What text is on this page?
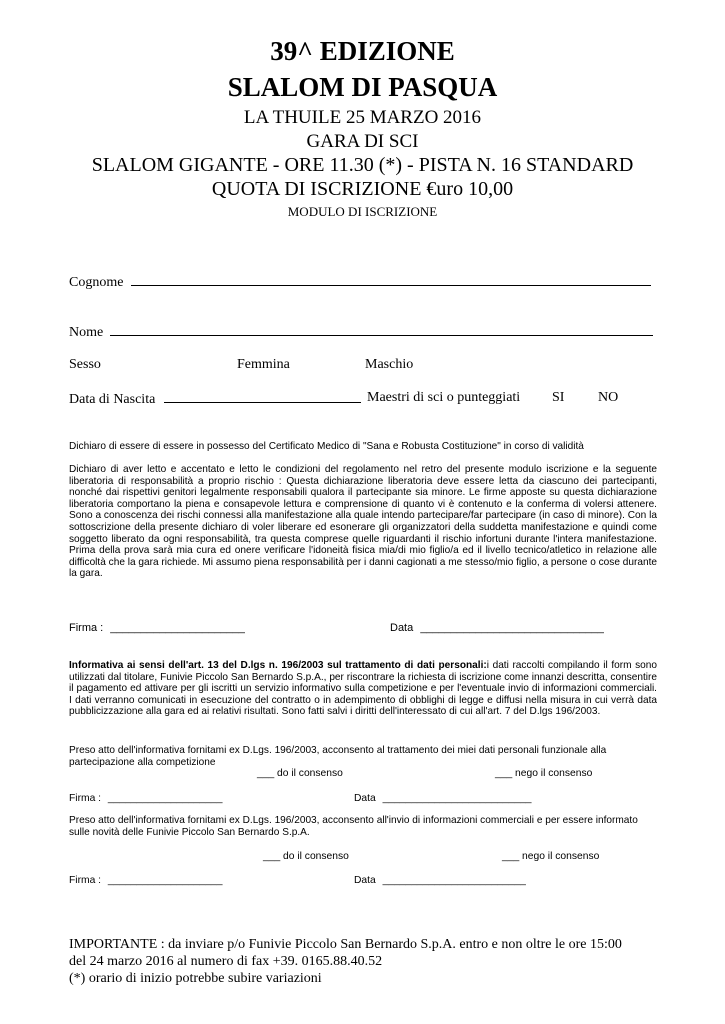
39^ EDIZIONE
SLALOM DI PASQUA
LA THUILE 25 MARZO 2016
GARA DI SCI
SLALOM GIGANTE - ORE 11.30 (*) - PISTA N. 16 STANDARD
QUOTA DI ISCRIZIONE €uro 10,00
MODULO DI ISCRIZIONE
Cognome
Nome
Sesso	Femmina	Maschio
Data di Nascita	Maestri di sci o punteggiati SI NO
Dichiaro di essere di essere in possesso del Certificato Medico di "Sana e Robusta Costituzione" in corso di validità
Dichiaro di aver letto e accentato e letto le condizioni del regolamento nel retro del presente modulo iscrizione e la seguente liberatoria di responsabilità a proprio rischio : Questa dichiarazione liberatoria deve essere letta da ciascuno dei partecipanti, nonché dai rispettivi genitori legalmente responsabili qualora il partecipante sia minore. Le firme apposte su questa dichiarazione liberatoria comportano la piena e consapevole lettura e comprensione di quanto vi è contenuto e la conferma di volersi attenere. Sono a conoscenza dei rischi connessi alla manifestazione alla quale intendo partecipare/far partecipare (in caso di minore). Con la sottoscrizione della presente dichiaro di voler liberare ed esonerare gli organizzatori della suddetta manifestazione e quindi come soggetto liberato da ogni responsabilità, tra questa comprese quelle riguardanti il rischio infortuni durante l'intera manifestazione. Prima della prova sarà mia cura ed onere verificare l'idoneità fisica mia/di mio figlio/a ed il livello tecnico/atletico in relazione alle difficoltà che la gara richiede. Mi assumo piena responsabilità per i danni cagionati a me stesso/mio figlio, a persone o cose durante la gara.
Firma : ______________________	Data ______________________________
Informativa ai sensi dell'art. 13 del D.lgs n. 196/2003 sul trattamento di dati personali:i dati raccolti compilando il form sono utilizzati dal titolare, Funivie Piccolo San Bernardo S.p.A., per riscontrare la richiesta di iscrizione come innanzi descritta, consentire il pagamento ed attivare per gli iscritti un servizio informativo sulla competizione e per l'eventuale invio di informazioni commerciali. I dati verranno comunicati in esecuzione del contratto o in adempimento di obblighi di legge e diffusi nella misura in cui verrà data pubblicizzazione alla gara ed ai relativi risultati. Sono fatti salvi i diritti dell'interessato di cui all'art. 7 del D.lgs 196/2003.
Preso atto dell'informativa fornitami ex D.Lgs. 196/2003, acconsento al trattamento dei miei dati personali funzionale alla partecipazione alla competizione
___ do il consenso	___ nego il consenso
Firma : ____________________	Data __________________________
Preso atto dell'informativa fornitami ex D.Lgs. 196/2003, acconsento all'invio di informazioni commerciali e per essere informato sulle novità delle Funivie Piccolo San Bernardo S.p.A.
___ do il consenso	___ nego il consenso
Firma : ____________________	Data _________________________
IMPORTANTE : da inviare p/o Funivie Piccolo San Bernardo S.p.A. entro e non oltre le ore 15:00
del 24 marzo 2016 al numero di fax +39. 0165.88.40.52
(*) orario di inizio potrebbe subire variazioni
